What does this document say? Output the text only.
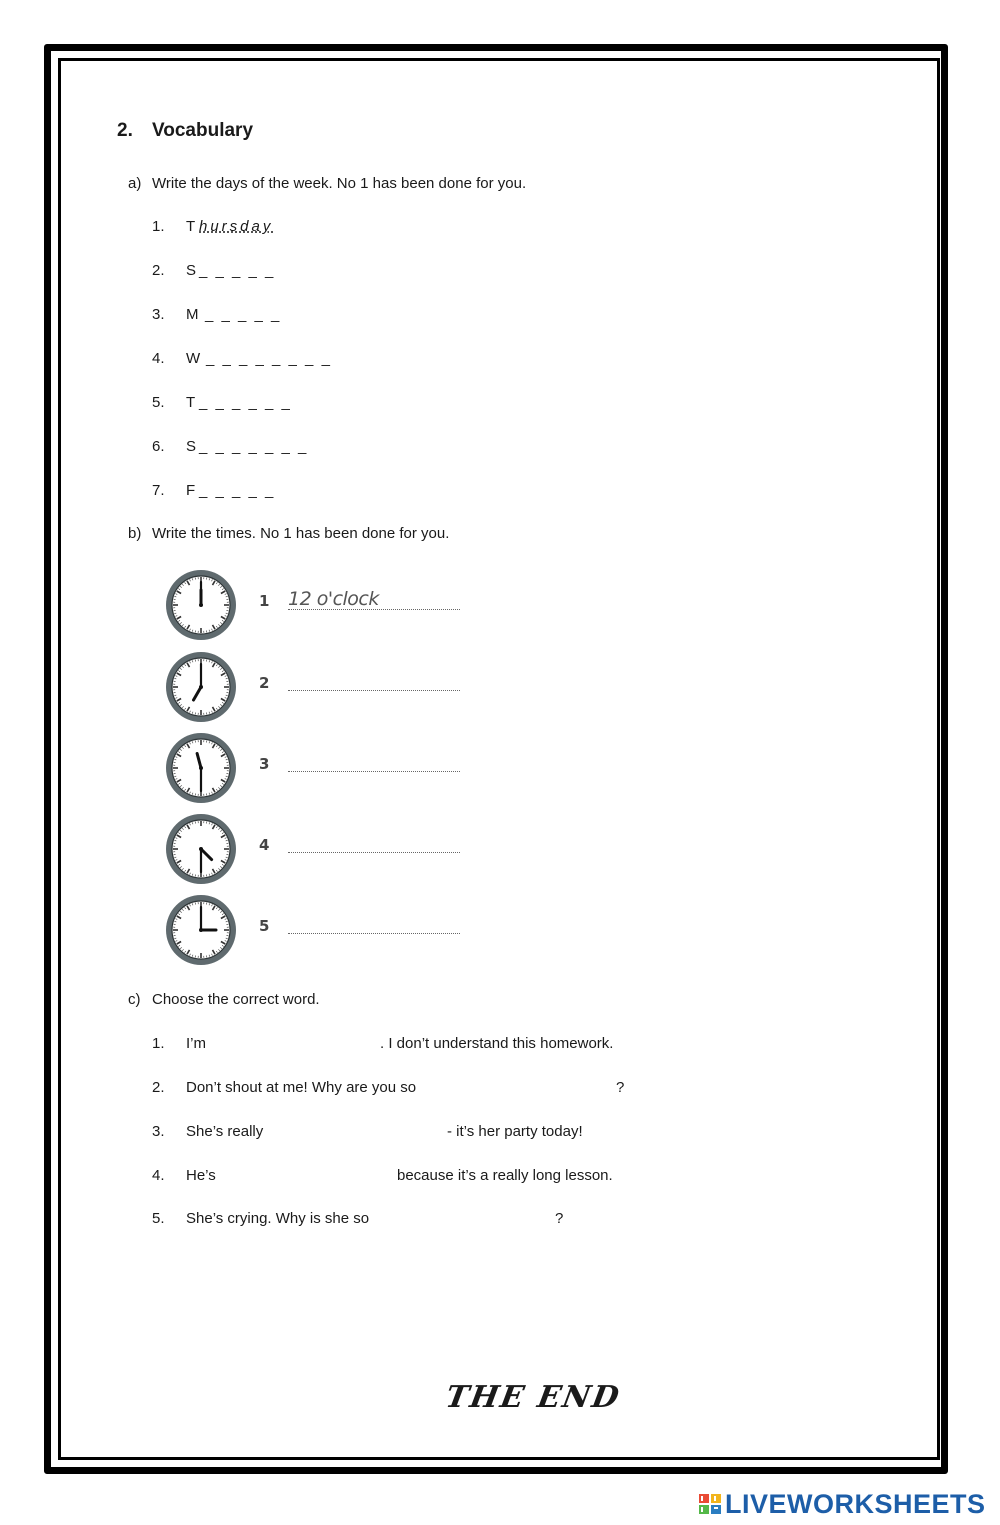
2. Vocabulary
a) Write the days of the week. No 1 has been done for you.
1. T hursday
2. S _ _ _ _ _
3. M _ _ _ _ _
4. W _ _ _ _ _ _ _ _
5. T _ _ _ _ _ _
6. S _ _ _ _ _ _ _
7. F _ _ _ _ _
b) Write the times. No 1 has been done for you.
1
2
3
4
5
12 o'clock
c) Choose the correct word.
1. I’m	. I don’t understand this homework.
2. Don’t shout at me! Why are you so	?
3. She’s really	- it’s her party today!
4. He’s	because it’s a really long lesson.
5. She’s crying. Why is she so	?
THE END
LIVEWORKSHEETS
